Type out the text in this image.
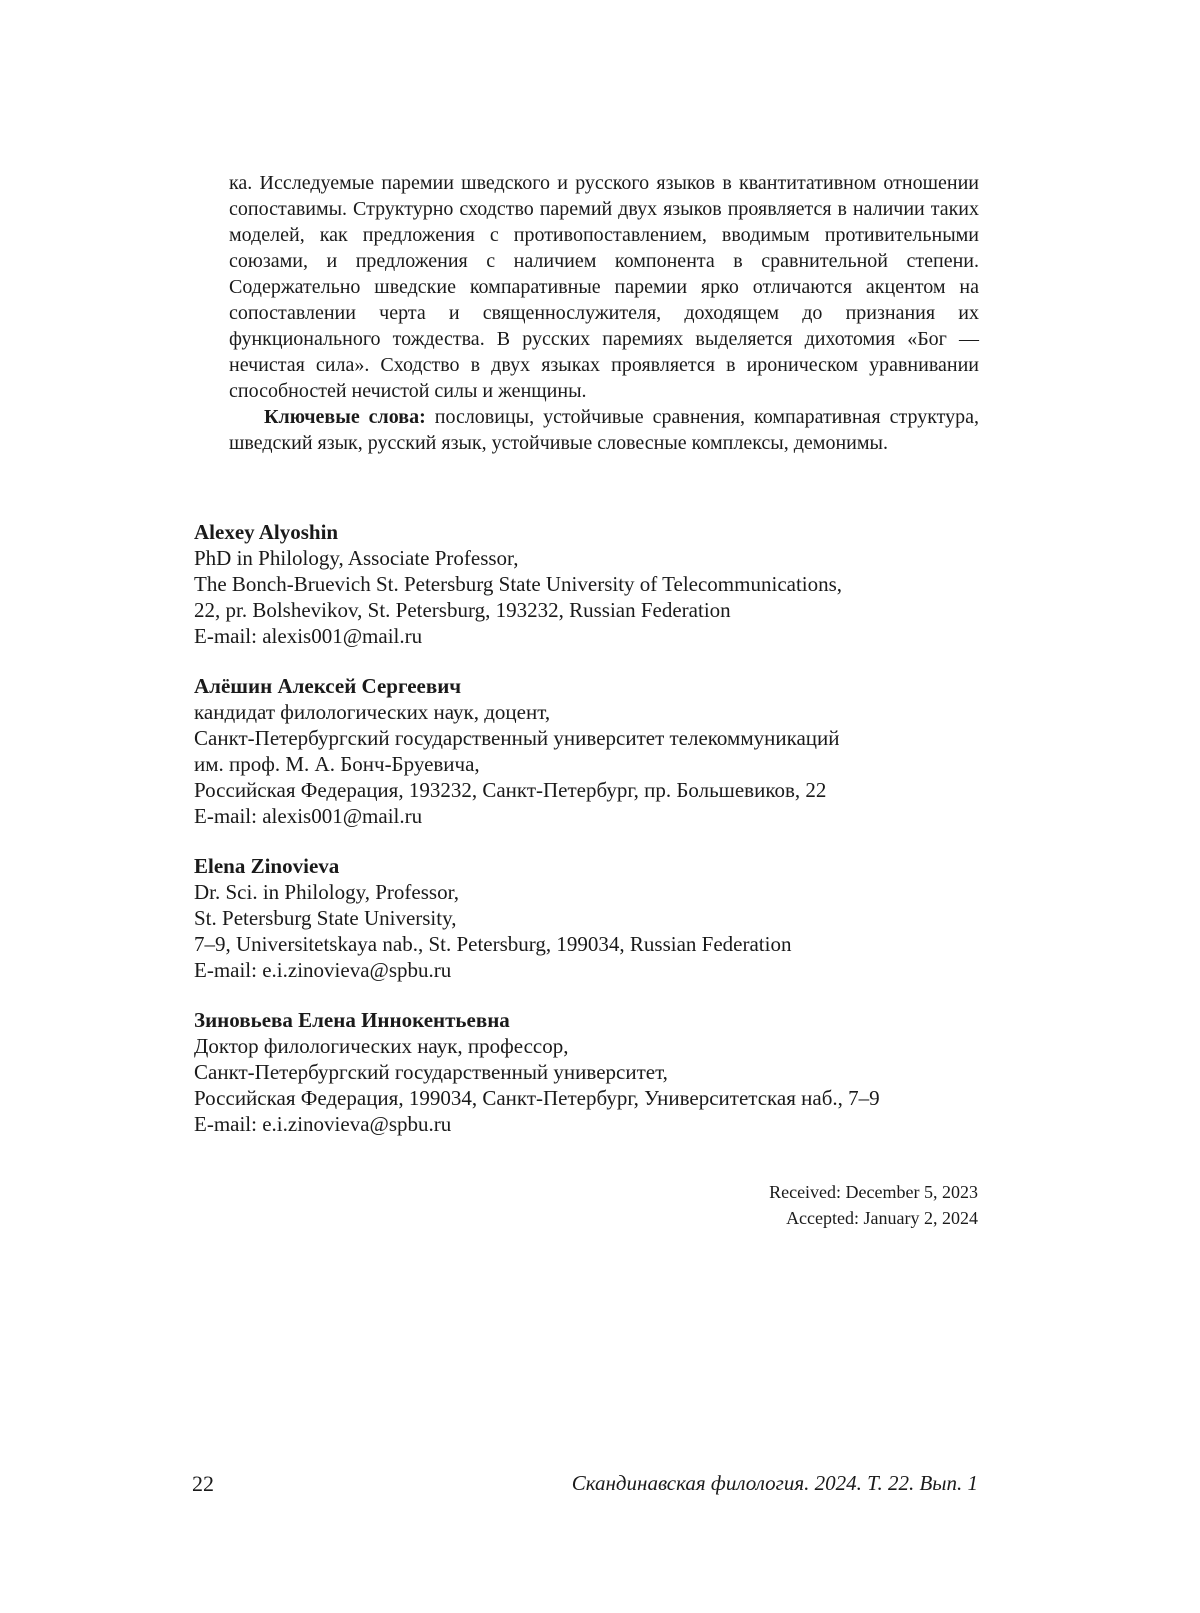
ка. Исследуемые паремии шведского и русского языков в квантитативном отношении сопоставимы. Структурно сходство паремий двух языков проявляется в наличии таких моделей, как предложения с противопоставлением, вводимым противительными союзами, и предложения с наличием компонента в сравнительной степени. Содержательно шведские компаративные паремии ярко отличаются акцентом на сопоставлении черта и священнослужителя, доходящем до признания их функционального тождества. В русских паремиях выделяется дихотомия «Бог — нечистая сила». Сходство в двух языках проявляется в ироническом уравнивании способностей нечистой силы и женщины.

Ключевые слова: пословицы, устойчивые сравнения, компаративная структура, шведский язык, русский язык, устойчивые словесные комплексы, демонимы.

Alexey Alyoshin
PhD in Philology, Associate Professor,
The Bonch-Bruevich St. Petersburg State University of Telecommunications,
22, pr. Bolshevikov, St. Petersburg, 193232, Russian Federation
E-mail: alexis001@mail.ru
Алёшин Алексей Сергеевич
кандидат филологических наук, доцент,
Санкт-Петербургский государственный университет телекоммуникаций
им. проф. М. А. Бонч-Бруевича,
Российская Федерация, 193232, Санкт-Петербург, пр. Большевиков, 22
E-mail: alexis001@mail.ru
Elena Zinovieva
Dr. Sci. in Philology, Professor,
St. Petersburg State University,
7–9, Universitetskaya nab., St. Petersburg, 199034, Russian Federation
E-mail: e.i.zinovieva@spbu.ru
Зиновьева Елена Иннокентьевна
Доктор филологических наук, профессор,
Санкт-Петербургский государственный университет,
Российская Федерация, 199034, Санкт-Петербург, Университетская наб., 7–9
E-mail: e.i.zinovieva@spbu.ru
Received: December 5, 2023
Accepted: January 2, 2024
22	Скандинавская филология. 2024. Т. 22. Вып. 1
